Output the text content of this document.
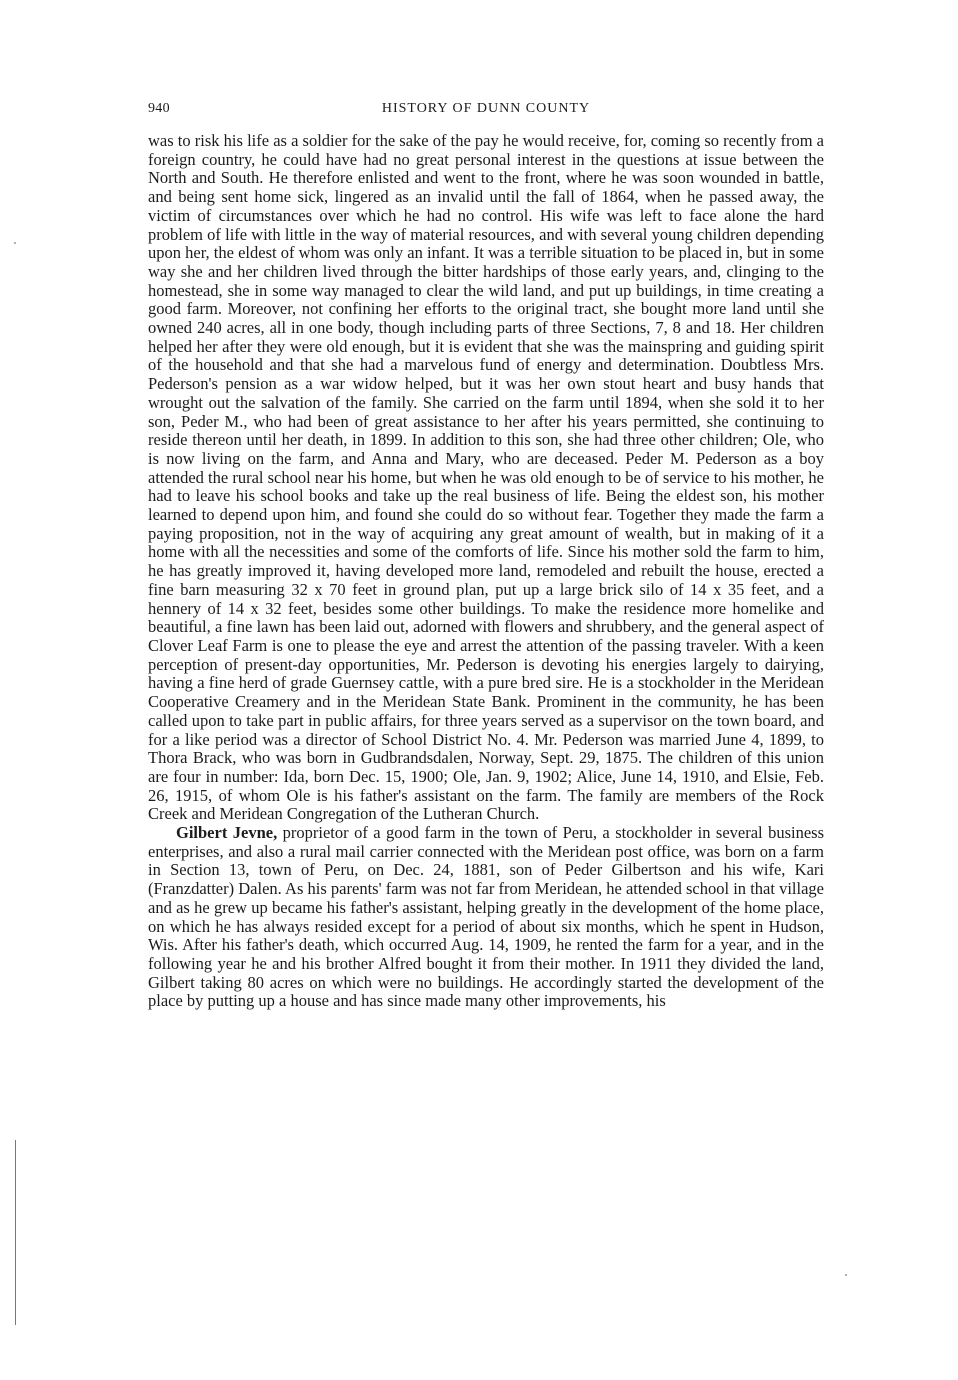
940	HISTORY OF DUNN COUNTY

was to risk his life as a soldier for the sake of the pay he would receive, for, coming so recently from a foreign country, he could have had no great personal interest in the questions at issue between the North and South. He therefore enlisted and went to the front, where he was soon wounded in battle, and being sent home sick, lingered as an invalid until the fall of 1864, when he passed away, the victim of circumstances over which he had no control. His wife was left to face alone the hard problem of life with little in the way of material resources, and with several young children depending upon her, the eldest of whom was only an infant. It was a terrible situation to be placed in, but in some way she and her children lived through the bitter hardships of those early years, and, clinging to the homestead, she in some way managed to clear the wild land, and put up buildings, in time creating a good farm. Moreover, not confining her efforts to the original tract, she bought more land until she owned 240 acres, all in one body, though including parts of three Sections, 7, 8 and 18. Her children helped her after they were old enough, but it is evident that she was the mainspring and guiding spirit of the household and that she had a marvelous fund of energy and determination. Doubtless Mrs. Pederson's pension as a war widow helped, but it was her own stout heart and busy hands that wrought out the salvation of the family. She carried on the farm until 1894, when she sold it to her son, Peder M., who had been of great assistance to her after his years permitted, she continuing to reside thereon until her death, in 1899. In addition to this son, she had three other children; Ole, who is now living on the farm, and Anna and Mary, who are deceased. Peder M. Pederson as a boy attended the rural school near his home, but when he was old enough to be of service to his mother, he had to leave his school books and take up the real business of life. Being the eldest son, his mother learned to depend upon him, and found she could do so without fear. Together they made the farm a paying proposition, not in the way of acquiring any great amount of wealth, but in making of it a home with all the necessities and some of the comforts of life. Since his mother sold the farm to him, he has greatly improved it, having developed more land, remodeled and rebuilt the house, erected a fine barn measuring 32 x 70 feet in ground plan, put up a large brick silo of 14 x 35 feet, and a hennery of 14 x 32 feet, besides some other buildings. To make the residence more homelike and beautiful, a fine lawn has been laid out, adorned with flowers and shrubbery, and the general aspect of Clover Leaf Farm is one to please the eye and arrest the attention of the passing traveler. With a keen perception of present-day opportunities, Mr. Pederson is devoting his energies largely to dairying, having a fine herd of grade Guernsey cattle, with a pure bred sire. He is a stockholder in the Meridean Cooperative Creamery and in the Meridean State Bank. Prominent in the community, he has been called upon to take part in public affairs, for three years served as a supervisor on the town board, and for a like period was a director of School District No. 4. Mr. Pederson was married June 4, 1899, to Thora Brack, who was born in Gudbrandsdalen, Norway, Sept. 29, 1875. The children of this union are four in number: Ida, born Dec. 15, 1900; Ole, Jan. 9, 1902; Alice, June 14, 1910, and Elsie, Feb. 26, 1915, of whom Ole is his father's assistant on the farm. The family are members of the Rock Creek and Meridean Congregation of the Lutheran Church.

Gilbert Jevne, proprietor of a good farm in the town of Peru, a stockholder in several business enterprises, and also a rural mail carrier connected with the Meridean post office, was born on a farm in Section 13, town of Peru, on Dec. 24, 1881, son of Peder Gilbertson and his wife, Kari (Franzdatter) Dalen. As his parents' farm was not far from Meridean, he attended school in that village and as he grew up became his father's assistant, helping greatly in the development of the home place, on which he has always resided except for a period of about six months, which he spent in Hudson, Wis. After his father's death, which occurred Aug. 14, 1909, he rented the farm for a year, and in the following year he and his brother Alfred bought it from their mother. In 1911 they divided the land, Gilbert taking 80 acres on which were no buildings. He accordingly started the development of the place by putting up a house and has since made many other improvements, his
